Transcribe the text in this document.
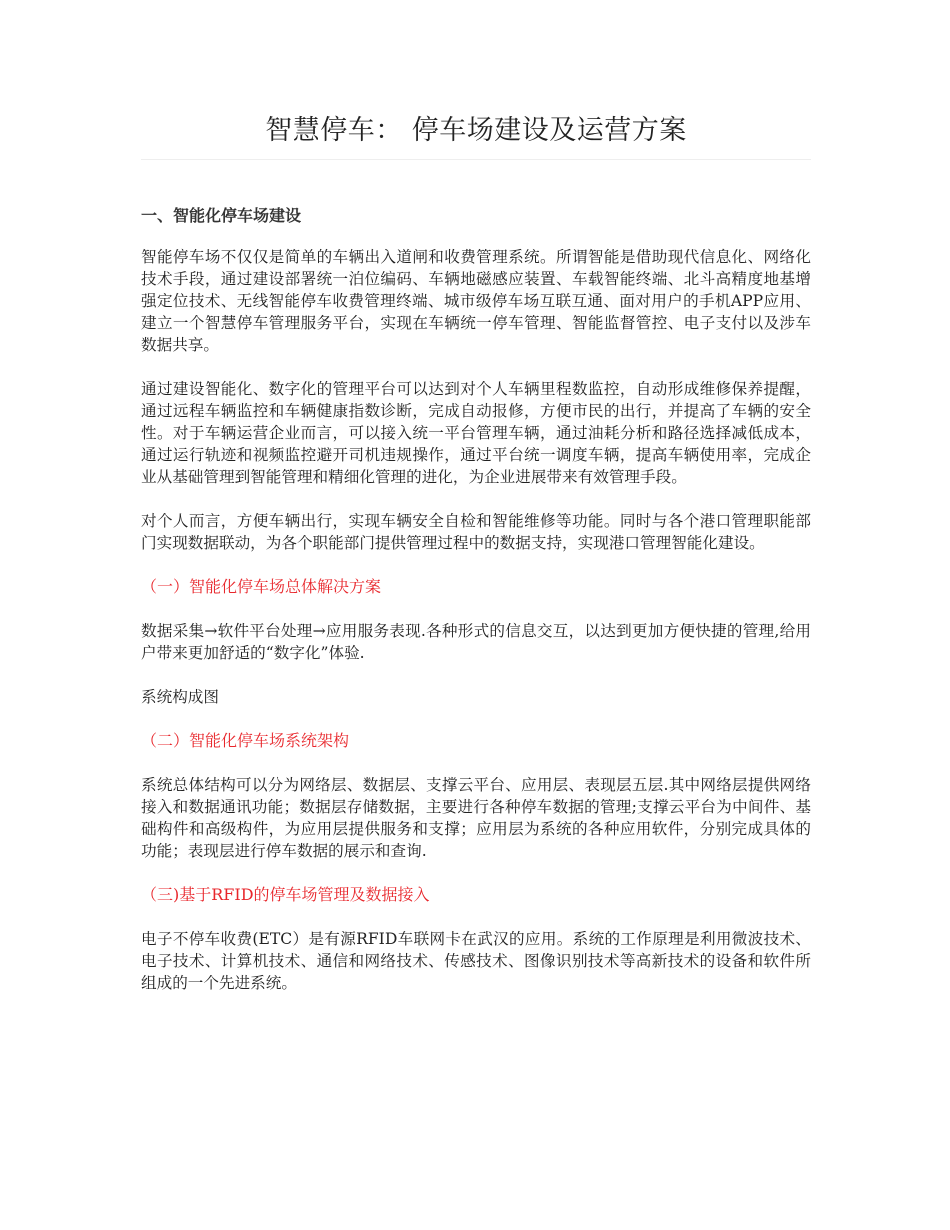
智慧停车： 停车场建设及运营方案
一、智能化停车场建设

智能停车场不仅仅是简单的车辆出入道闸和收费管理系统。所谓智能是借助现代信息化、网络化技术手段，通过建设部署统一泊位编码、车辆地磁感应装置、车载智能终端、北斗高精度地基增强定位技术、无线智能停车收费管理终端、城市级停车场互联互通、面对用户的手机APP应用、建立一个智慧停车管理服务平台，实现在车辆统一停车管理、智能监督管控、电子支付以及涉车数据共享。

通过建设智能化、数字化的管理平台可以达到对个人车辆里程数监控，自动形成维修保养提醒，通过远程车辆监控和车辆健康指数诊断，完成自动报修，方便市民的出行，并提高了车辆的安全性。对于车辆运营企业而言，可以接入统一平台管理车辆，通过油耗分析和路径选择减低成本，通过运行轨迹和视频监控避开司机违规操作，通过平台统一调度车辆，提高车辆使用率，完成企业从基础管理到智能管理和精细化管理的进化，为企业进展带来有效管理手段。

对个人而言，方便车辆出行，实现车辆安全自检和智能维修等功能。同时与各个港口管理职能部门实现数据联动，为各个职能部门提供管理过程中的数据支持，实现港口管理智能化建设。

（一）智能化停车场总体解决方案

数据采集→软件平台处理→应用服务表现.各种形式的信息交互，以达到更加方便快捷的管理,给用户带来更加舒适的“数字化”体验.

系统构成图

（二）智能化停车场系统架构

系统总体结构可以分为网络层、数据层、支撑云平台、应用层、表现层五层.其中网络层提供网络接入和数据通讯功能；数据层存储数据，主要进行各种停车数据的管理;支撑云平台为中间件、基础构件和高级构件，为应用层提供服务和支撑；应用层为系统的各种应用软件，分别完成具体的功能；表现层进行停车数据的展示和查询.

（三)基于RFID的停车场管理及数据接入

电子不停车收费(ETC）是有源RFID车联网卡在武汉的应用。系统的工作原理是利用微波技术、电子技术、计算机技术、通信和网络技术、传感技术、图像识别技术等高新技术的设备和软件所组成的一个先进系统。
